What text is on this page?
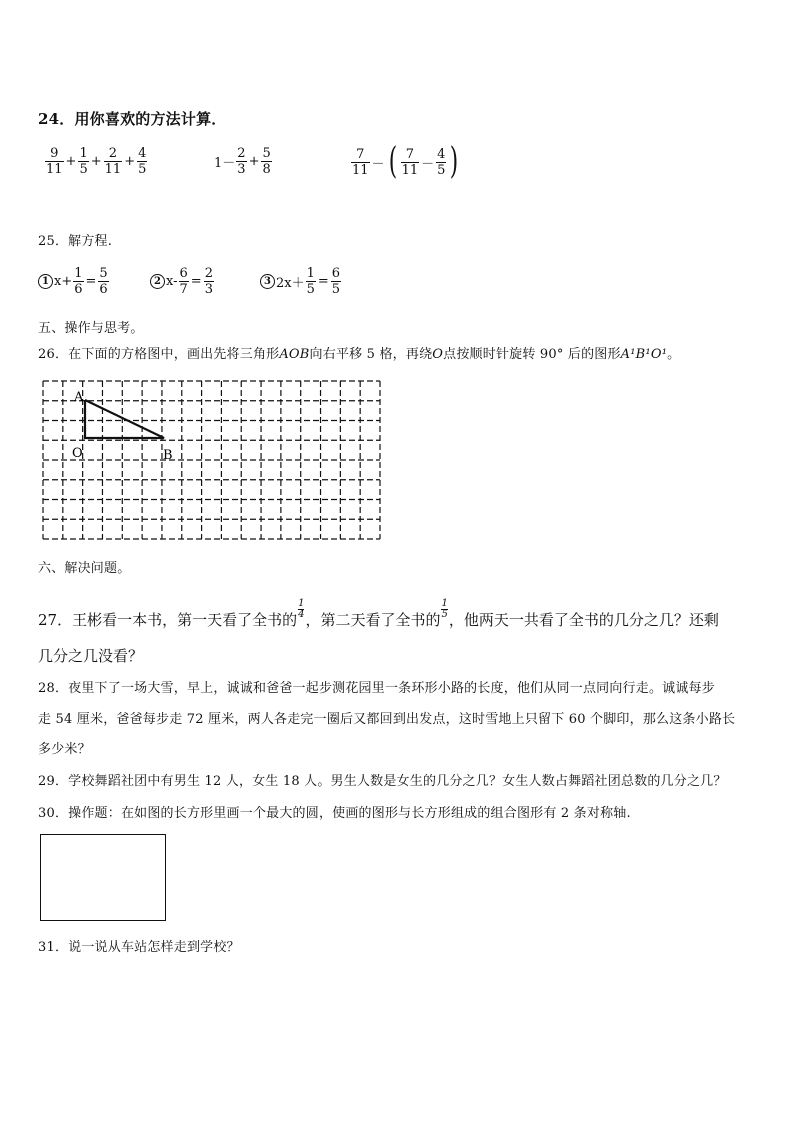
24．用你喜欢的方法计算．
$\frac{9}{11} + \frac{1}{5} + \frac{2}{11} + \frac{4}{5}$	$1- \frac{2}{3} + \frac{5}{8}$	$\frac{7}{11}$ － ( $\frac{7}{11} - \frac{4}{5}$ )
25．解方程.
1 $x+ \frac{1}{6} = \frac{5}{6}$	2 $x- \frac{6}{7} = \frac{2}{3}$	3 $2x+ \frac{1}{5} = \frac{6}{5}$
五、操作与思考。
26．在下面的方格图中，画出先将三角形AOB向右平移 5 格，再绕O点按顺时针旋转 90° 后的图形A¹B¹O¹。
A
O	B
六、解决问题。
27．王彬看一本书，第一天看了全书的 $\frac{1}{4}$，第二天看了全书的 $\frac{1}{5}$，他两天一共看了全书的几分之几？还剩
几分之几没看？
28．夜里下了一场大雪，早上，诚诚和爸爸一起步测花园里一条环形小路的长度，他们从同一点同向行走。诚诚每步
走 54 厘米，爸爸每步走 72 厘米，两人各走完一圈后又都回到出发点，这时雪地上只留下 60 个脚印，那么这条小路长
多少米？
29．学校舞蹈社团中有男生 12 人，女生 18 人。男生人数是女生的几分之几？女生人数占舞蹈社团总数的几分之几？
30．操作题：在如图的长方形里画一个最大的圆，使画的图形与长方形组成的组合图形有 2 条对称轴.
31．说一说从车站怎样走到学校？
